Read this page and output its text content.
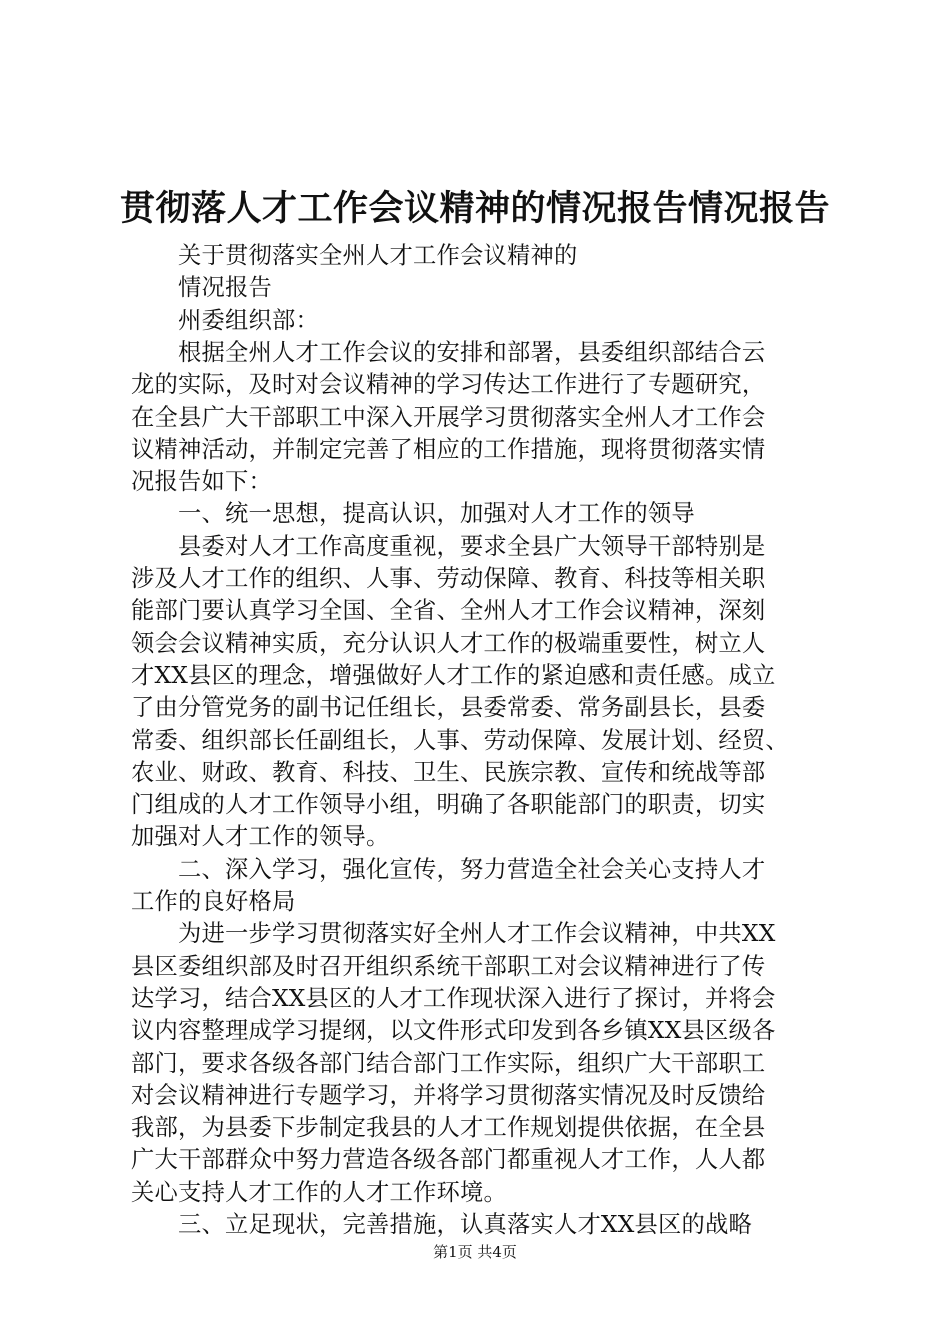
贯彻落人才工作会议精神的情况报告情况报告
　　关于贯彻落实全州人才工作会议精神的
　　情况报告
　　州委组织部：
　　根据全州人才工作会议的安排和部署，县委组织部结合云
龙的实际，及时对会议精神的学习传达工作进行了专题研究，
在全县广大干部职工中深入开展学习贯彻落实全州人才工作会
议精神活动，并制定完善了相应的工作措施，现将贯彻落实情
况报告如下：
　　一、统一思想，提高认识，加强对人才工作的领导
　　县委对人才工作高度重视，要求全县广大领导干部特别是
涉及人才工作的组织、人事、劳动保障、教育、科技等相关职
能部门要认真学习全国、全省、全州人才工作会议精神，深刻
领会会议精神实质，充分认识人才工作的极端重要性，树立人
才XX县区的理念，增强做好人才工作的紧迫感和责任感。成立
了由分管党务的副书记任组长，县委常委、常务副县长，县委
常委、组织部长任副组长，人事、劳动保障、发展计划、经贸、
农业、财政、教育、科技、卫生、民族宗教、宣传和统战等部
门组成的人才工作领导小组，明确了各职能部门的职责，切实
加强对人才工作的领导。
　　二、深入学习，强化宣传，努力营造全社会关心支持人才
工作的良好格局
　　为进一步学习贯彻落实好全州人才工作会议精神，中共XX
县区委组织部及时召开组织系统干部职工对会议精神进行了传
达学习，结合XX县区的人才工作现状深入进行了探讨，并将会
议内容整理成学习提纲，以文件形式印发到各乡镇XX县区级各
部门，要求各级各部门结合部门工作实际，组织广大干部职工
对会议精神进行专题学习，并将学习贯彻落实情况及时反馈给
我部，为县委下步制定我县的人才工作规划提供依据，在全县
广大干部群众中努力营造各级各部门都重视人才工作，人人都
关心支持人才工作的人才工作环境。
　　三、立足现状，完善措施，认真落实人才XX县区的战略
第1页 共4页
